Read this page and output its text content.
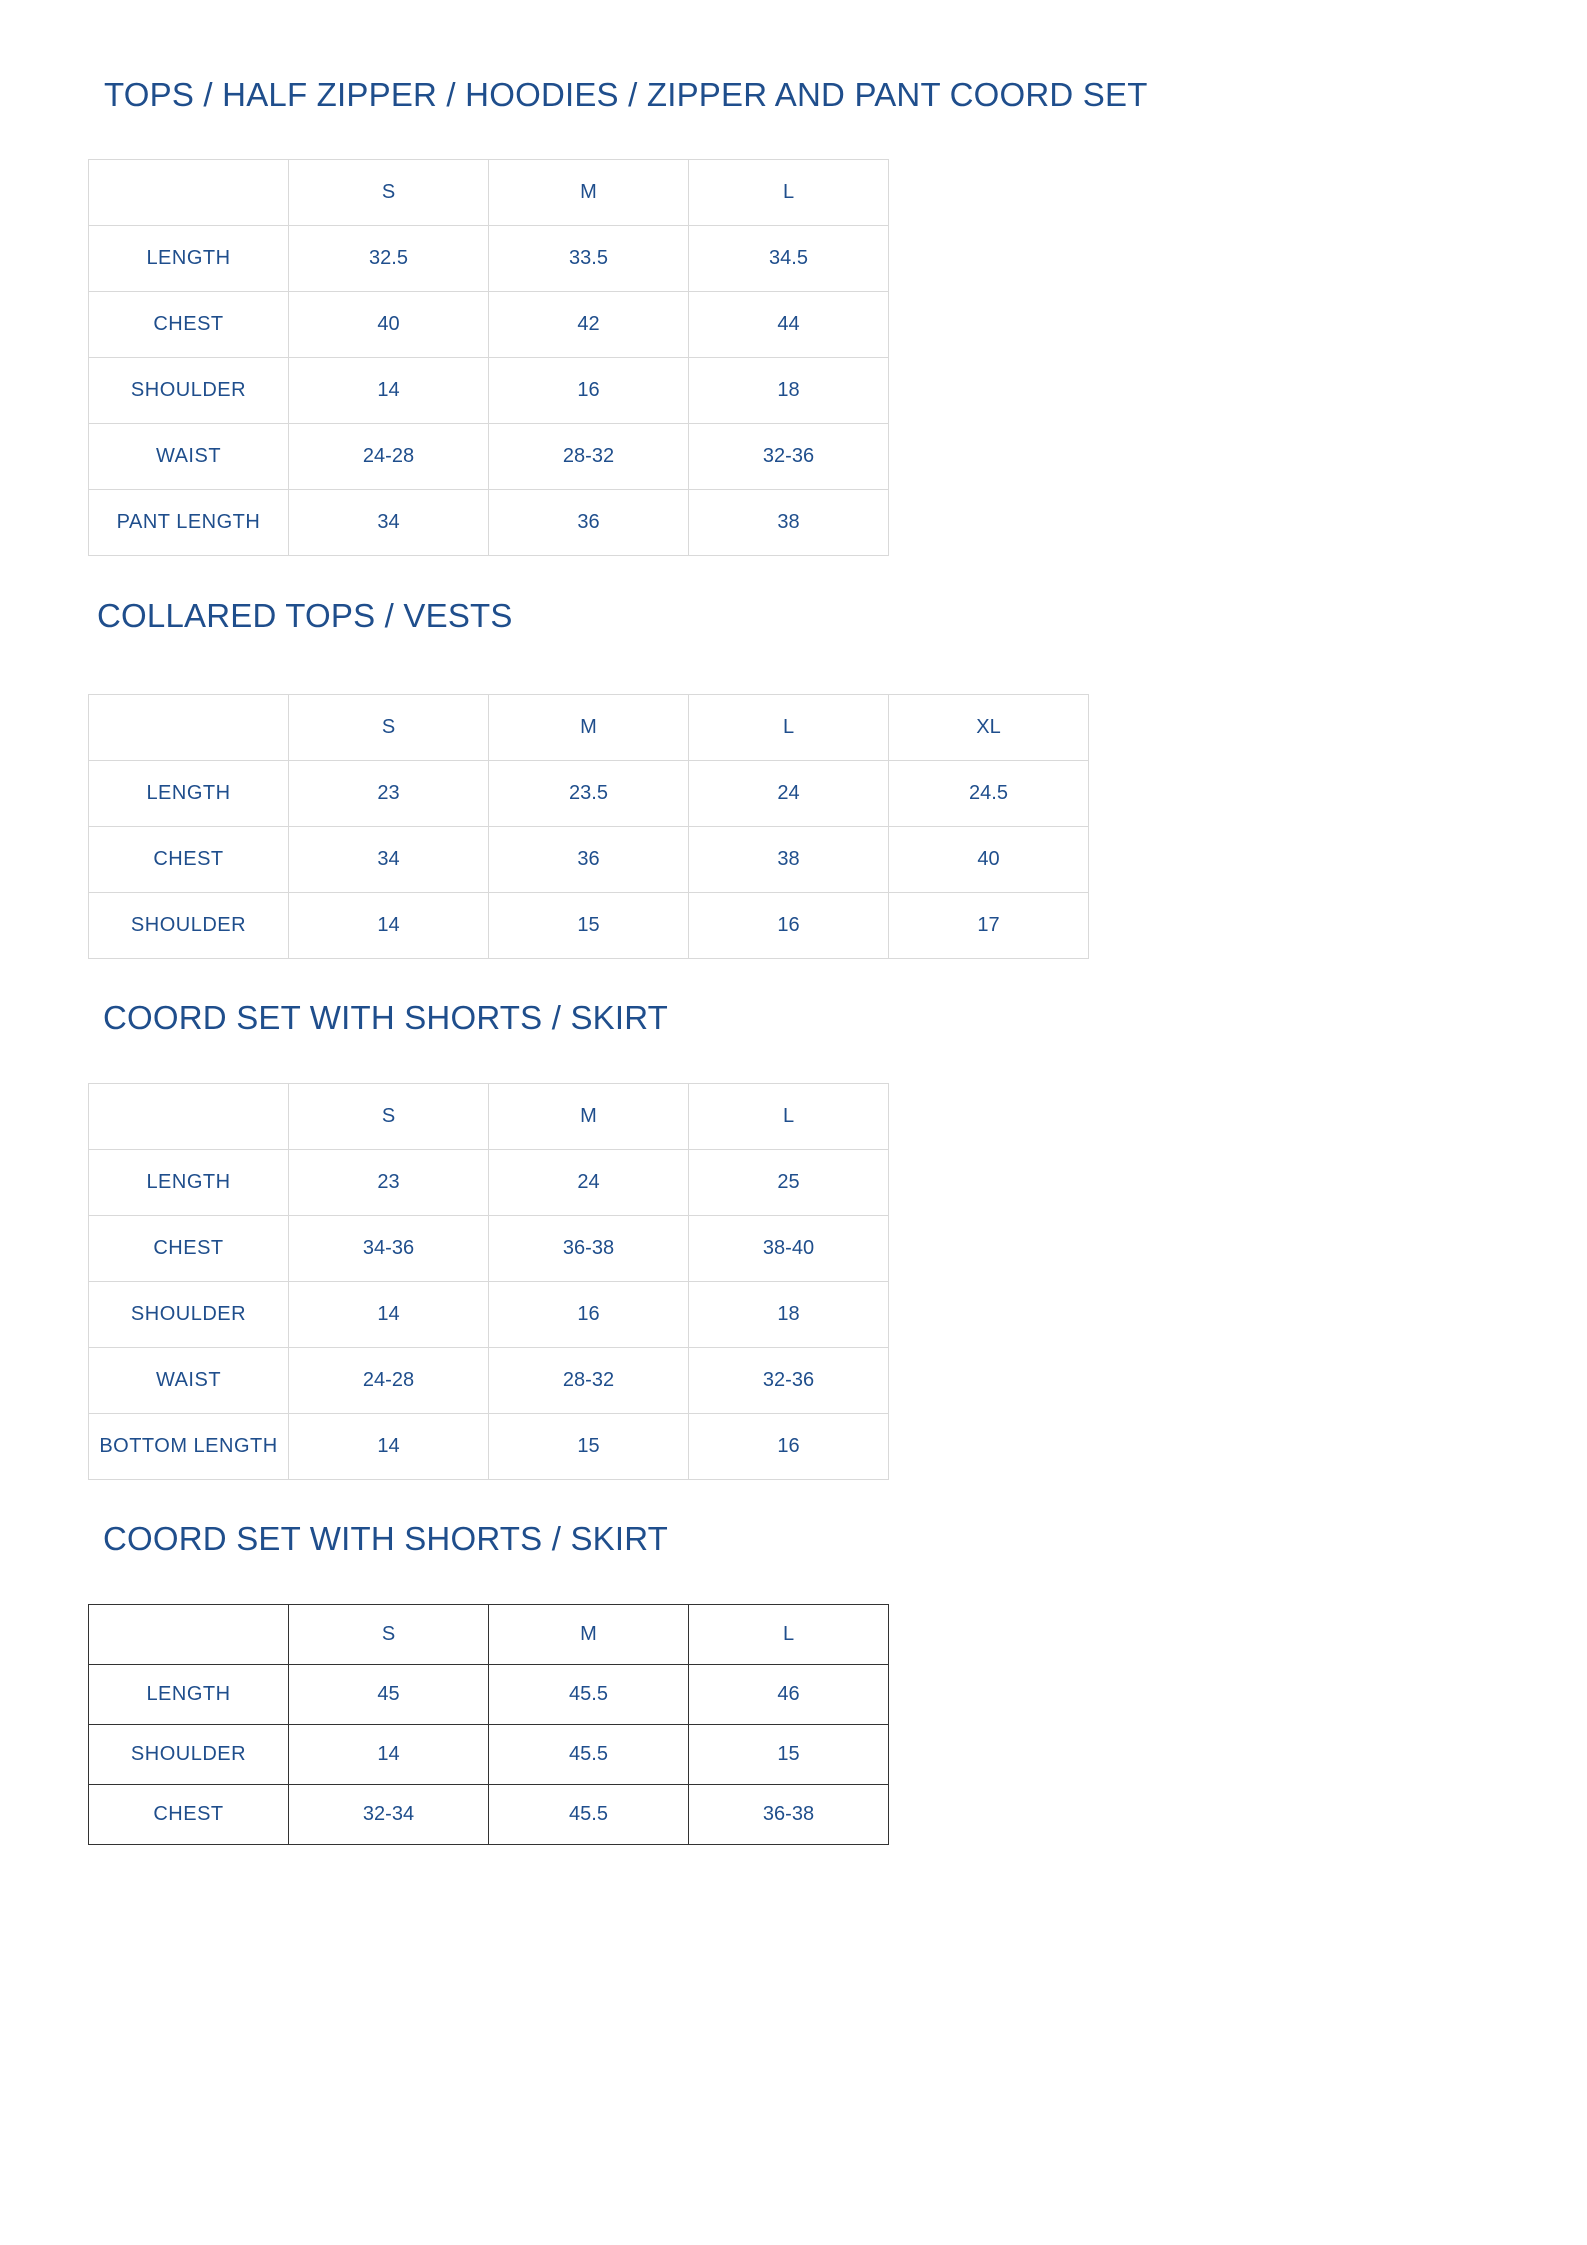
TOPS / HALF ZIPPER / HOODIES / ZIPPER AND PANT COORD SET
	S	M	L
LENGTH	32.5	33.5	34.5
CHEST	40	42	44
SHOULDER	14	16	18
WAIST	24-28	28-32	32-36
PANT LENGTH	34	36	38
COLLARED TOPS / VESTS
	S	M	L	XL
LENGTH	23	23.5	24	24.5
CHEST	34	36	38	40
SHOULDER	14	15	16	17
COORD SET WITH SHORTS / SKIRT
	S	M	L
LENGTH	23	24	25
CHEST	34-36	36-38	38-40
SHOULDER	14	16	18
WAIST	24-28	28-32	32-36
BOTTOM LENGTH	14	15	16
COORD SET WITH SHORTS / SKIRT
	S	M	L
LENGTH	45	45.5	46
SHOULDER	14	45.5	15
CHEST	32-34	45.5	36-38
